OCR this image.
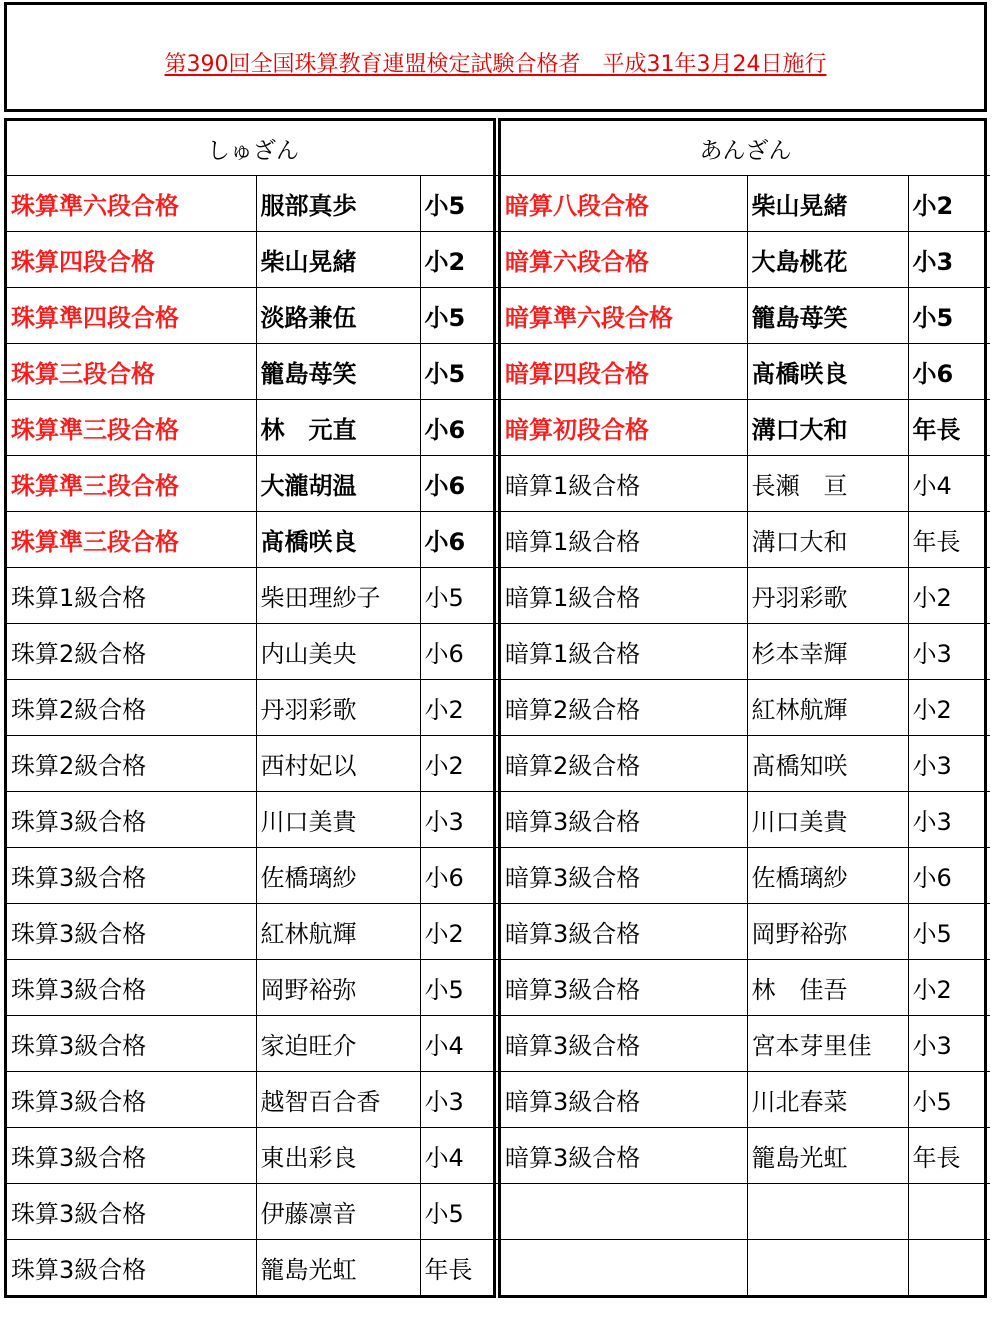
第390回全国珠算教育連盟検定試験合格者　平成31年3月24日施行
しゅざん		
珠算準六段合格	服部真歩	小5
珠算四段合格	柴山晃緒	小2
珠算準四段合格	淡路兼伍	小5
珠算三段合格	籠島苺笑	小5
珠算準三段合格	林　元直	小6
珠算準三段合格	大瀧胡温	小6
珠算準三段合格	髙橋咲良	小6
珠算1級合格	柴田理紗子	小5
珠算2級合格	内山美央	小6
珠算2級合格	丹羽彩歌	小2
珠算2級合格	西村妃以	小2
珠算3級合格	川口美貴	小3
珠算3級合格	佐橋璃紗	小6
珠算3級合格	紅林航輝	小2
珠算3級合格	岡野裕弥	小5
珠算3級合格	家迫旺介	小4
珠算3級合格	越智百合香	小3
珠算3級合格	東出彩良	小4
珠算3級合格	伊藤凛音	小5
珠算3級合格	籠島光虹	年長
あんざん		
暗算八段合格	柴山晃緒	小2
暗算六段合格	大島桃花	小3
暗算準六段合格	籠島苺笑	小5
暗算四段合格	髙橋咲良	小6
暗算初段合格	溝口大和	年長
暗算1級合格	長瀬　亘	小4
暗算1級合格	溝口大和	年長
暗算1級合格	丹羽彩歌	小2
暗算1級合格	杉本幸輝	小3
暗算2級合格	紅林航輝	小2
暗算2級合格	髙橋知咲	小3
暗算3級合格	川口美貴	小3
暗算3級合格	佐橋璃紗	小6
暗算3級合格	岡野裕弥	小5
暗算3級合格	林　佳吾	小2
暗算3級合格	宮本芽里佳	小3
暗算3級合格	川北春菜	小5
暗算3級合格	籠島光虹	年長
